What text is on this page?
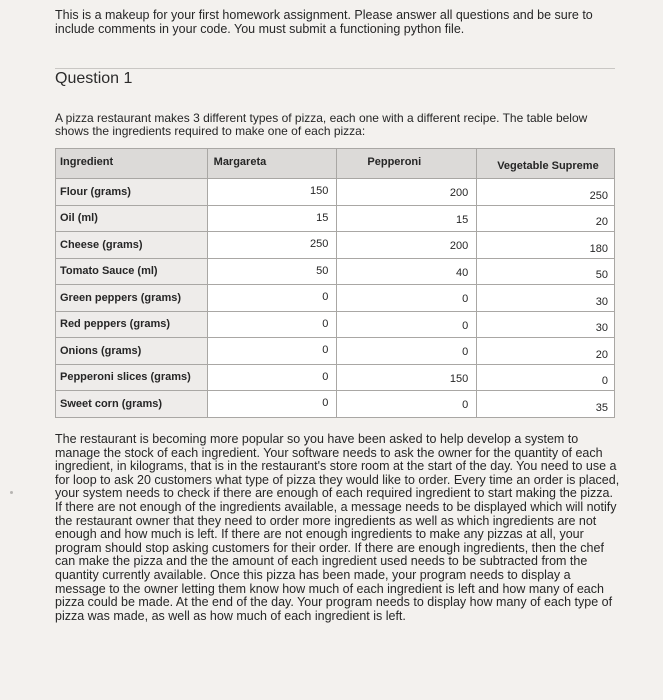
This is a makeup for your first homework assignment. Please answer all questions and be sure to include comments in your code. You must submit a functioning python file.
Question 1
A pizza restaurant makes 3 different types of pizza, each one with a different recipe. The table below shows the ingredients required to make one of each pizza:
Ingredient	Margareta	Pepperoni	Vegetable Supreme
Flour (grams)	150	200	250
Oil (ml)	15	15	20
Cheese (grams)	250	200	180
Tomato Sauce (ml)	50	40	50
Green peppers (grams)	0	0	30
Red peppers (grams)	0	0	30
Onions (grams)	0	0	20
Pepperoni slices (grams)	0	150	0
Sweet corn (grams)	0	0	35
The restaurant is becoming more popular so you have been asked to help develop a system to manage the stock of each ingredient. Your software needs to ask the owner for the quantity of each ingredient, in kilograms, that is in the restaurant's store room at the start of the day. You need to use a for loop to ask 20 customers what type of pizza they would like to order. Every time an order is placed, your system needs to check if there are enough of each required ingredient to start making the pizza. If there are not enough of the ingredients available, a message needs to be displayed which will notify the restaurant owner that they need to order more ingredients as well as which ingredients are not enough and how much is left. If there are not enough ingredients to make any pizzas at all, your program should stop asking customers for their order. If there are enough ingredients, then the chef can make the pizza and the the amount of each ingredient used needs to be subtracted from the quantity currently available. Once this pizza has been made, your program needs to display a message to the owner letting them know how much of each ingredient is left and how many of each pizza could be made. At the end of the day. Your program needs to display how many of each type of pizza was made, as well as how much of each ingredient is left.
